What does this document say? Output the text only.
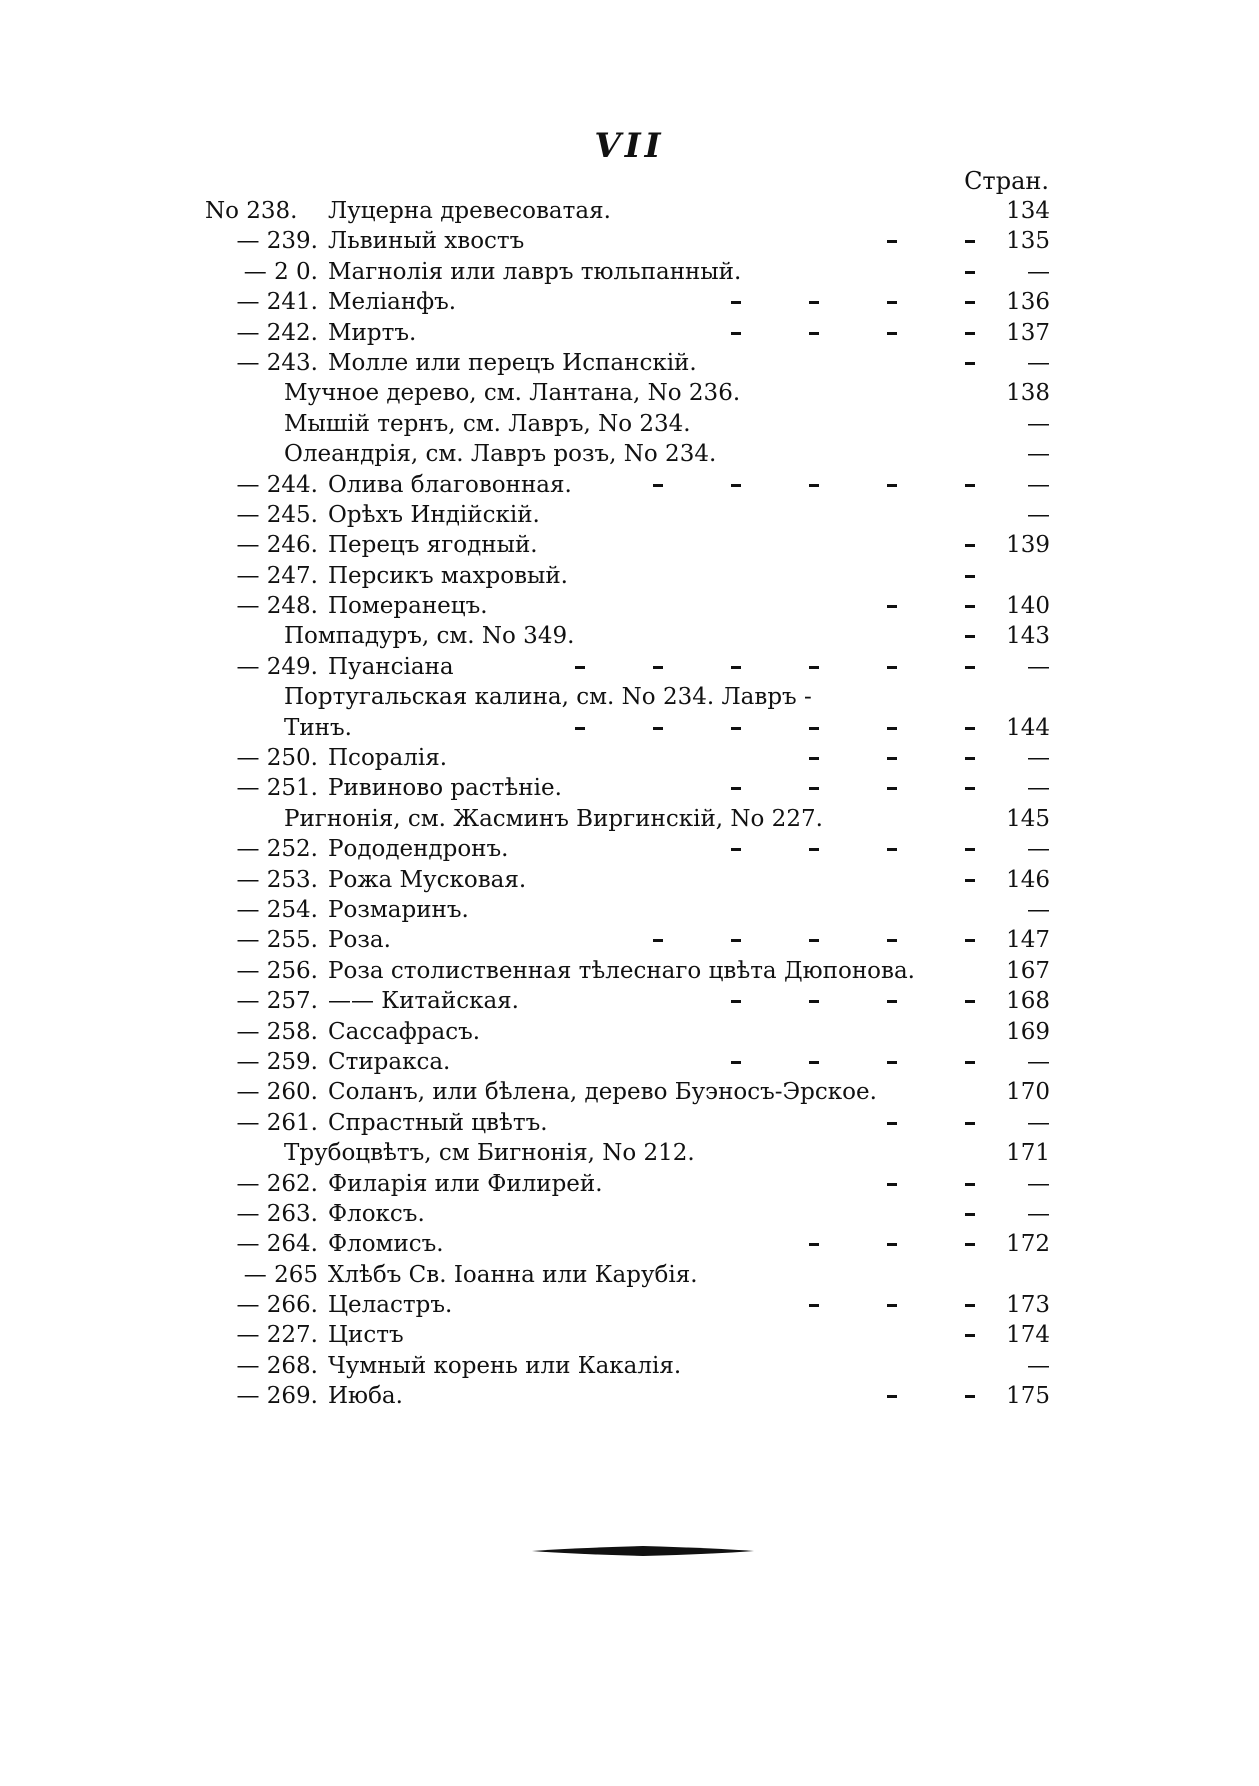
VII
Стран.
No 238. Луцерна древесоватая.	134
— 239. Львиный хвостъ	135
— 2 0. Магнолія или лавръ тюльпанный.	—
— 241. Меліанфъ.	136
— 242. Миртъ.	137
— 243. Молле или перецъ Испанскій.	—
Мучное дерево, см. Лантана, No 236.	138
Мышій тернъ, см. Лавръ, No 234.	—
Олеандрія, см. Лавръ розъ, No 234.	—
— 244. Олива благовонная.	—
— 245. Орѣхъ Индійскій.	—
— 246. Перецъ ягодный.	139
— 247. Персикъ махровый.
— 248. Померанецъ.	140
Помпадуръ, см. No 349.	143
— 249. Пуансіана	—
Португальская калина, см. No 234. Лавръ -
Тинъ.	144
— 250. Псоралія.	—
— 251. Ривиново растѣніе.	—
Ригнонія, см. Жасминъ Виргинскій, No 227.	145
— 252. Рододендронъ.	—
— 253. Рожа Мусковая.	146
— 254. Розмаринъ.	—
— 255. Роза.	147
— 256. Роза столиственная тѣлеснаго цвѣта Дюпонова.	167
— 257. —— Китайская.	168
— 258. Сассафрасъ.	169
— 259. Стиракса.	—
— 260. Соланъ, или бѣлена, дерево Буэносъ-Эрское.	170
— 261. Спрастный цвѣтъ.	—
Трубоцвѣтъ, см Бигнонія, No 212.	171
— 262. Филарія или Филирей.	—
— 263. Флоксъ.	—
— 264. Фломисъ.	172
— 265 Хлѣбъ Св. Іоанна или Карубія.
— 266. Целастръ.	173
— 227. Цистъ	174
— 268. Чумный корень или Какалія.	—
— 269. Июба.	175
